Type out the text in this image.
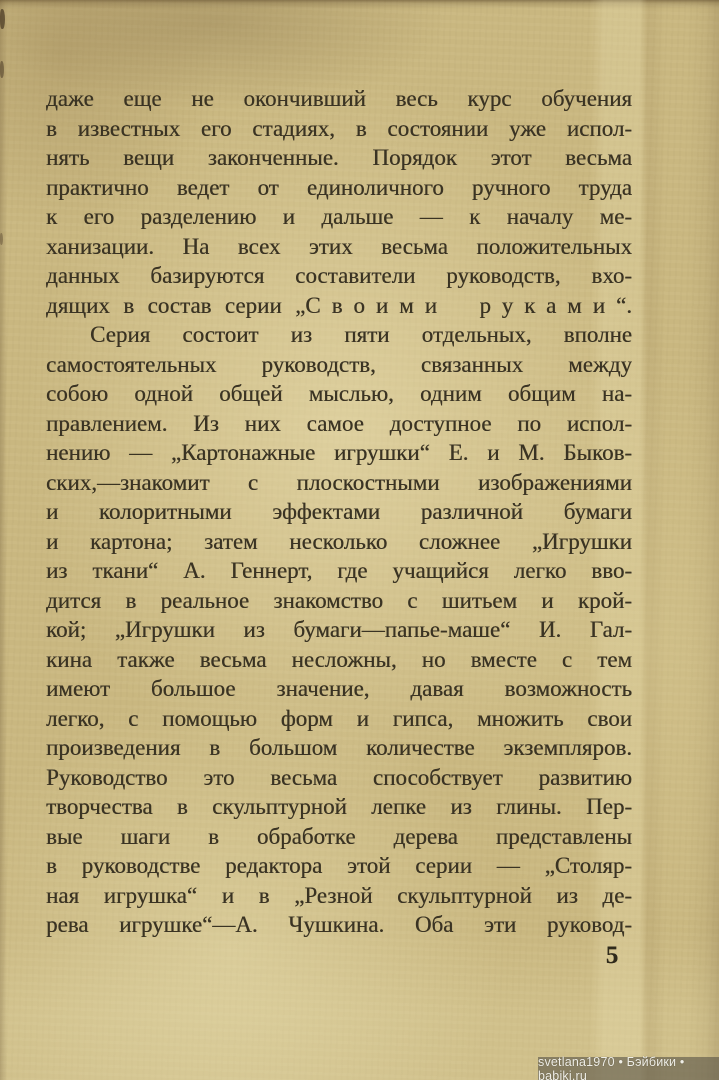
даже еще не окончивший весь курс обучения
в известных его стадиях, в состоянии уже испол-
нять вещи законченные. Порядок этот весьма
практично ведет от единоличного ручного труда
к его разделению и дальше — к началу ме-
ханизации. На всех этих весьма положительных
данных базируются составители руководств, вхо-
дящих в состав серии „Своими руками“.
Серия состоит из пяти отдельных, вполне
самостоятельных руководств, связанных между
собою одной общей мыслью, одним общим на-
правлением. Из них самое доступное по испол-
нению — „Картонажные игрушки“ Е. и М. Быков-
ских,—знакомит с плоскостными изображениями
и колоритными эффектами различной бумаги
и картона; затем несколько сложнее „Игрушки
из ткани“ А. Геннерт, где учащийся легко вво-
дится в реальное знакомство с шитьем и крой-
кой; „Игрушки из бумаги—папье-маше“ И. Гал-
кина также весьма несложны, но вместе с тем
имеют большое значение, давая возможность
легко, с помощью форм и гипса, множить свои
произведения в большом количестве экземпляров.
Руководство это весьма способствует развитию
творчества в скульптурной лепке из глины. Пер-
вые шаги в обработке дерева представлены
в руководстве редактора этой серии — „Столяр-
ная игрушка“ и в „Резной скульптурной из де-
рева игрушке“—А. Чушкина. Оба эти руковод-
5
svetlana1970 • Бэйбики • babiki.ru
